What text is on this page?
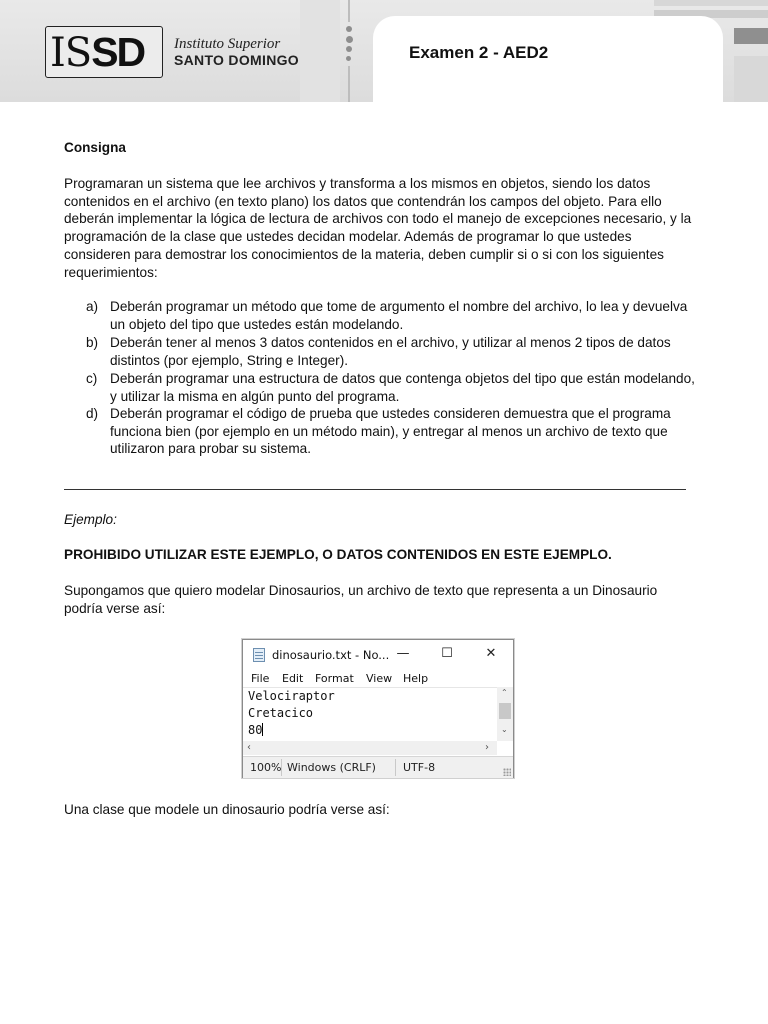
ISSD Instituto Superior
SANTO DOMINGO	Examen 2 - AED2

Consigna

Programaran un sistema que lee archivos y transforma a los mismos en objetos, siendo los datos contenidos en el archivo (en texto plano) los datos que contendrán los campos del objeto. Para ello deberán implementar la lógica de lectura de archivos con todo el manejo de excepciones necesario, y la programación de la clase que ustedes decidan modelar. Además de programar lo que ustedes consideren para demostrar los conocimientos de la materia, deben cumplir si o si con los siguientes requerimientos:

a) Deberán programar un método que tome de argumento el nombre del archivo, lo lea y devuelva un objeto del tipo que ustedes están modelando.
b) Deberán tener al menos 3 datos contenidos en el archivo, y utilizar al menos 2 tipos de datos distintos (por ejemplo, String e Integer).
c) Deberán programar una estructura de datos que contenga objetos del tipo que están modelando, y utilizar la misma en algún punto del programa.
d) Deberán programar el código de prueba que ustedes consideren demuestra que el programa funciona bien (por ejemplo en un método main), y entregar al menos un archivo de texto que utilizaron para probar su sistema.

Ejemplo:

PROHIBIDO UTILIZAR ESTE EJEMPLO, O DATOS CONTENIDOS EN ESTE EJEMPLO.

Supongamos que quiero modelar Dinosaurios, un archivo de texto que representa a un Dinosaurio podría verse así:

Una clase que modele un dinosaurio podría verse así:

dinosaurio.txt - No... —	☐	✕
File Edit Format View Help
Velociraptor
Cretacico
80
⌃
⌄
‹	›
100% Windows (CRLF) UTF-8
